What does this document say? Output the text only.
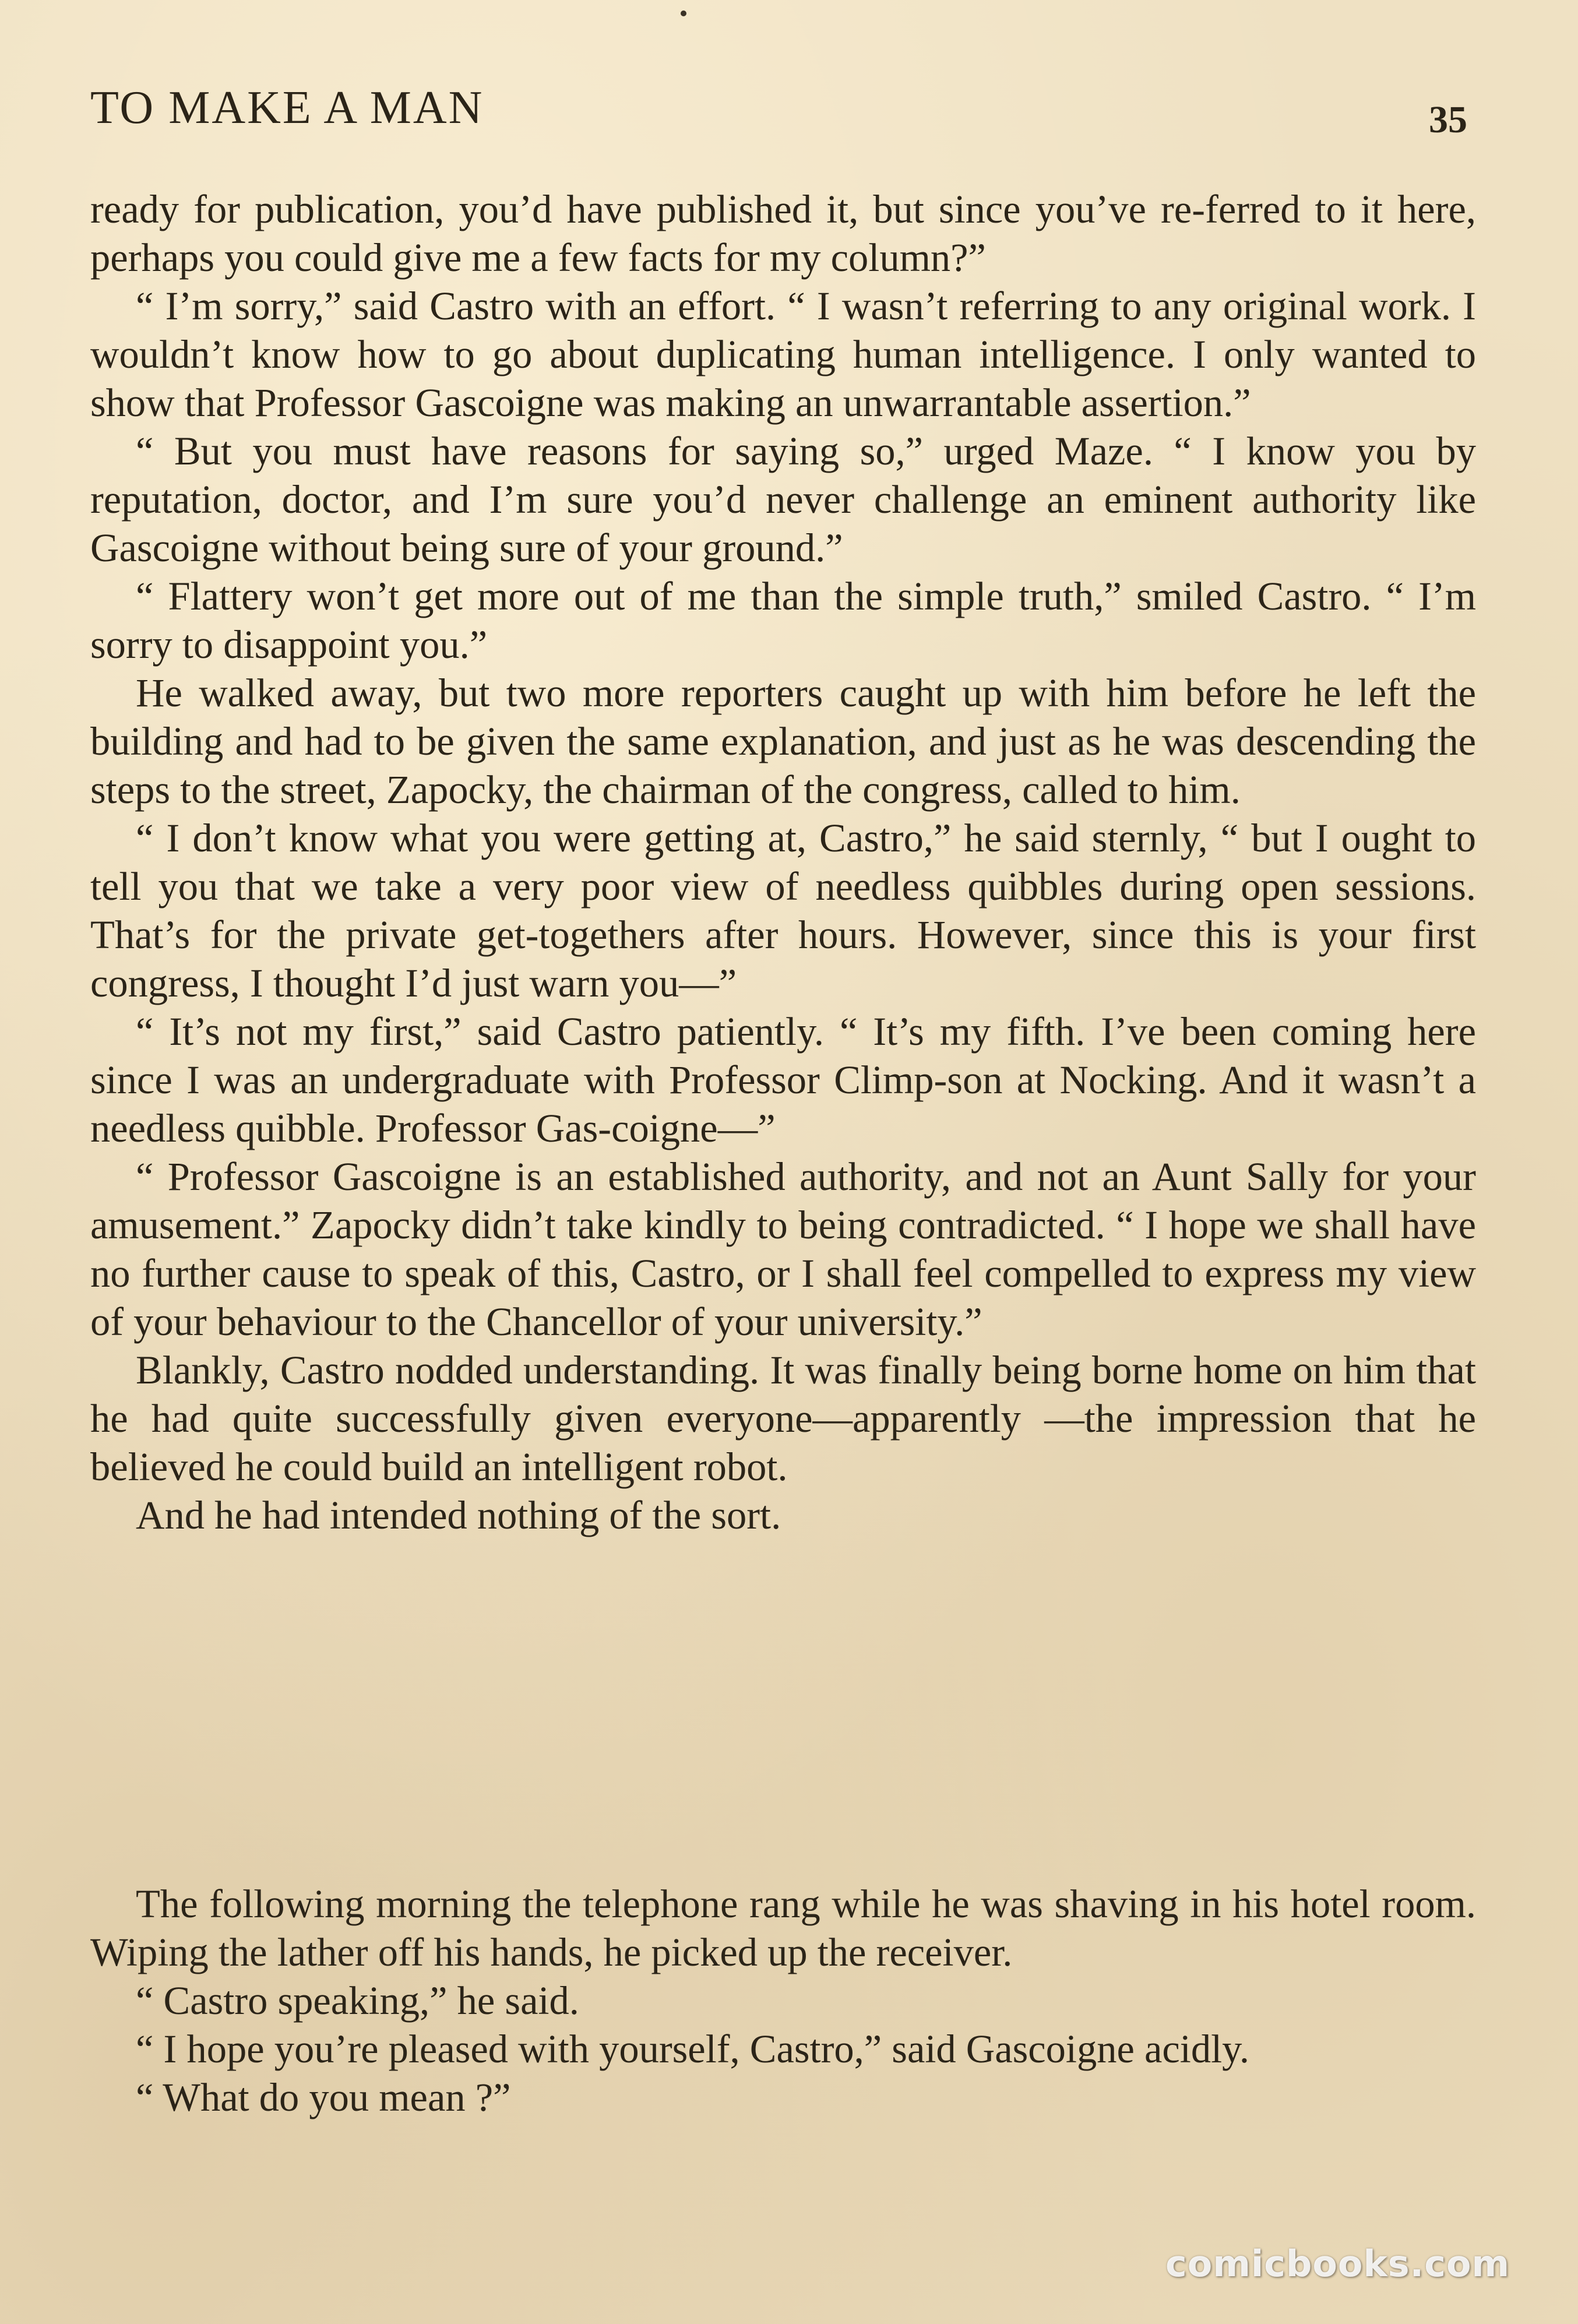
TO MAKE A MAN	35

ready for publication, you’d have published it, but since you’ve re-ferred to it here, perhaps you could give me a few facts for my column?”

“ I’m sorry,” said Castro with an effort. “ I wasn’t referring to any original work. I wouldn’t know how to go about duplicating human intelligence. I only wanted to show that Professor Gascoigne was making an unwarrantable assertion.”

“ But you must have reasons for saying so,” urged Maze. “ I know you by reputation, doctor, and I’m sure you’d never challenge an eminent authority like Gascoigne without being sure of your ground.”

“ Flattery won’t get more out of me than the simple truth,” smiled Castro. “ I’m sorry to disappoint you.”

He walked away, but two more reporters caught up with him before he left the building and had to be given the same explanation, and just as he was descending the steps to the street, Zapocky, the chairman of the congress, called to him.

“ I don’t know what you were getting at, Castro,” he said sternly, “ but I ought to tell you that we take a very poor view of needless quibbles during open sessions. That’s for the private get-togethers after hours. However, since this is your first congress, I thought I’d just warn you—”

“ It’s not my first,” said Castro patiently. “ It’s my fifth. I’ve been coming here since I was an undergraduate with Professor Climp-son at Nocking. And it wasn’t a needless quibble. Professor Gas-coigne—”

“ Professor Gascoigne is an established authority, and not an Aunt Sally for your amusement.” Zapocky didn’t take kindly to being contradicted. “ I hope we shall have no further cause to speak of this, Castro, or I shall feel compelled to express my view of your behaviour to the Chancellor of your university.”

Blankly, Castro nodded understanding. It was finally being borne home on him that he had quite successfully given everyone—apparently —the impression that he believed he could build an intelligent robot.

And he had intended nothing of the sort.

The following morning the telephone rang while he was shaving in his hotel room. Wiping the lather off his hands, he picked up the receiver.

“ Castro speaking,” he said.

“ I hope you’re pleased with yourself, Castro,” said Gascoigne acidly.

“ What do you mean ?”

comicbooks.com
